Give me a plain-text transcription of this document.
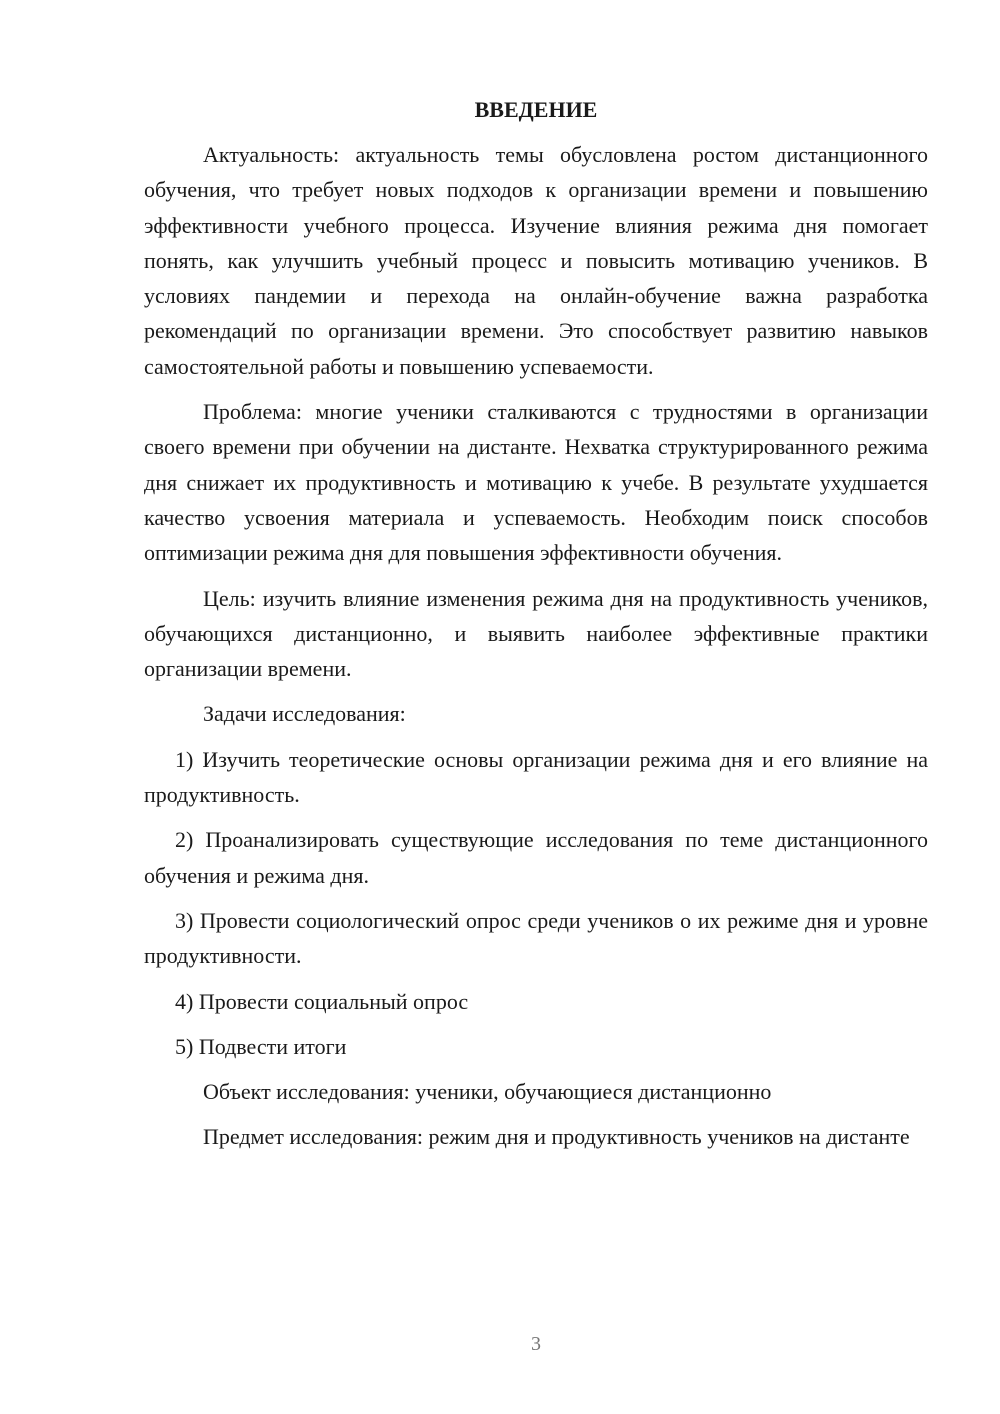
ВВЕДЕНИЕ

Актуальность: актуальность темы обусловлена ростом дистанционного обучения, что требует новых подходов к организации времени и повышению эффективности учебного процесса. Изучение влияния режима дня помогает понять, как улучшить учебный процесс и повысить мотивацию учеников. В условиях пандемии и перехода на онлайн-обучение важна разработка рекомендаций по организации времени. Это способствует развитию навыков самостоятельной работы и повышению успеваемости.

Проблема: многие ученики сталкиваются с трудностями в организации своего времени при обучении на дистанте. Нехватка структурированного режима дня снижает их продуктивность и мотивацию к учебе. В результате ухудшается качество усвоения материала и успеваемость. Необходим поиск способов оптимизации режима дня для повышения эффективности обучения.

Цель: изучить влияние изменения режима дня на продуктивность учеников, обучающихся дистанционно, и выявить наиболее эффективные практики организации времени.

Задачи исследования:

1) Изучить теоретические основы организации режима дня и его влияние на продуктивность.

2) Проанализировать существующие исследования по теме дистанционного обучения и режима дня.

3) Провести социологический опрос среди учеников о их режиме дня и уровне продуктивности.

4) Провести социальный опрос

5) Подвести итоги

Объект исследования: ученики, обучающиеся дистанционно

Предмет исследования: режим дня и продуктивность учеников на дистанте

3
